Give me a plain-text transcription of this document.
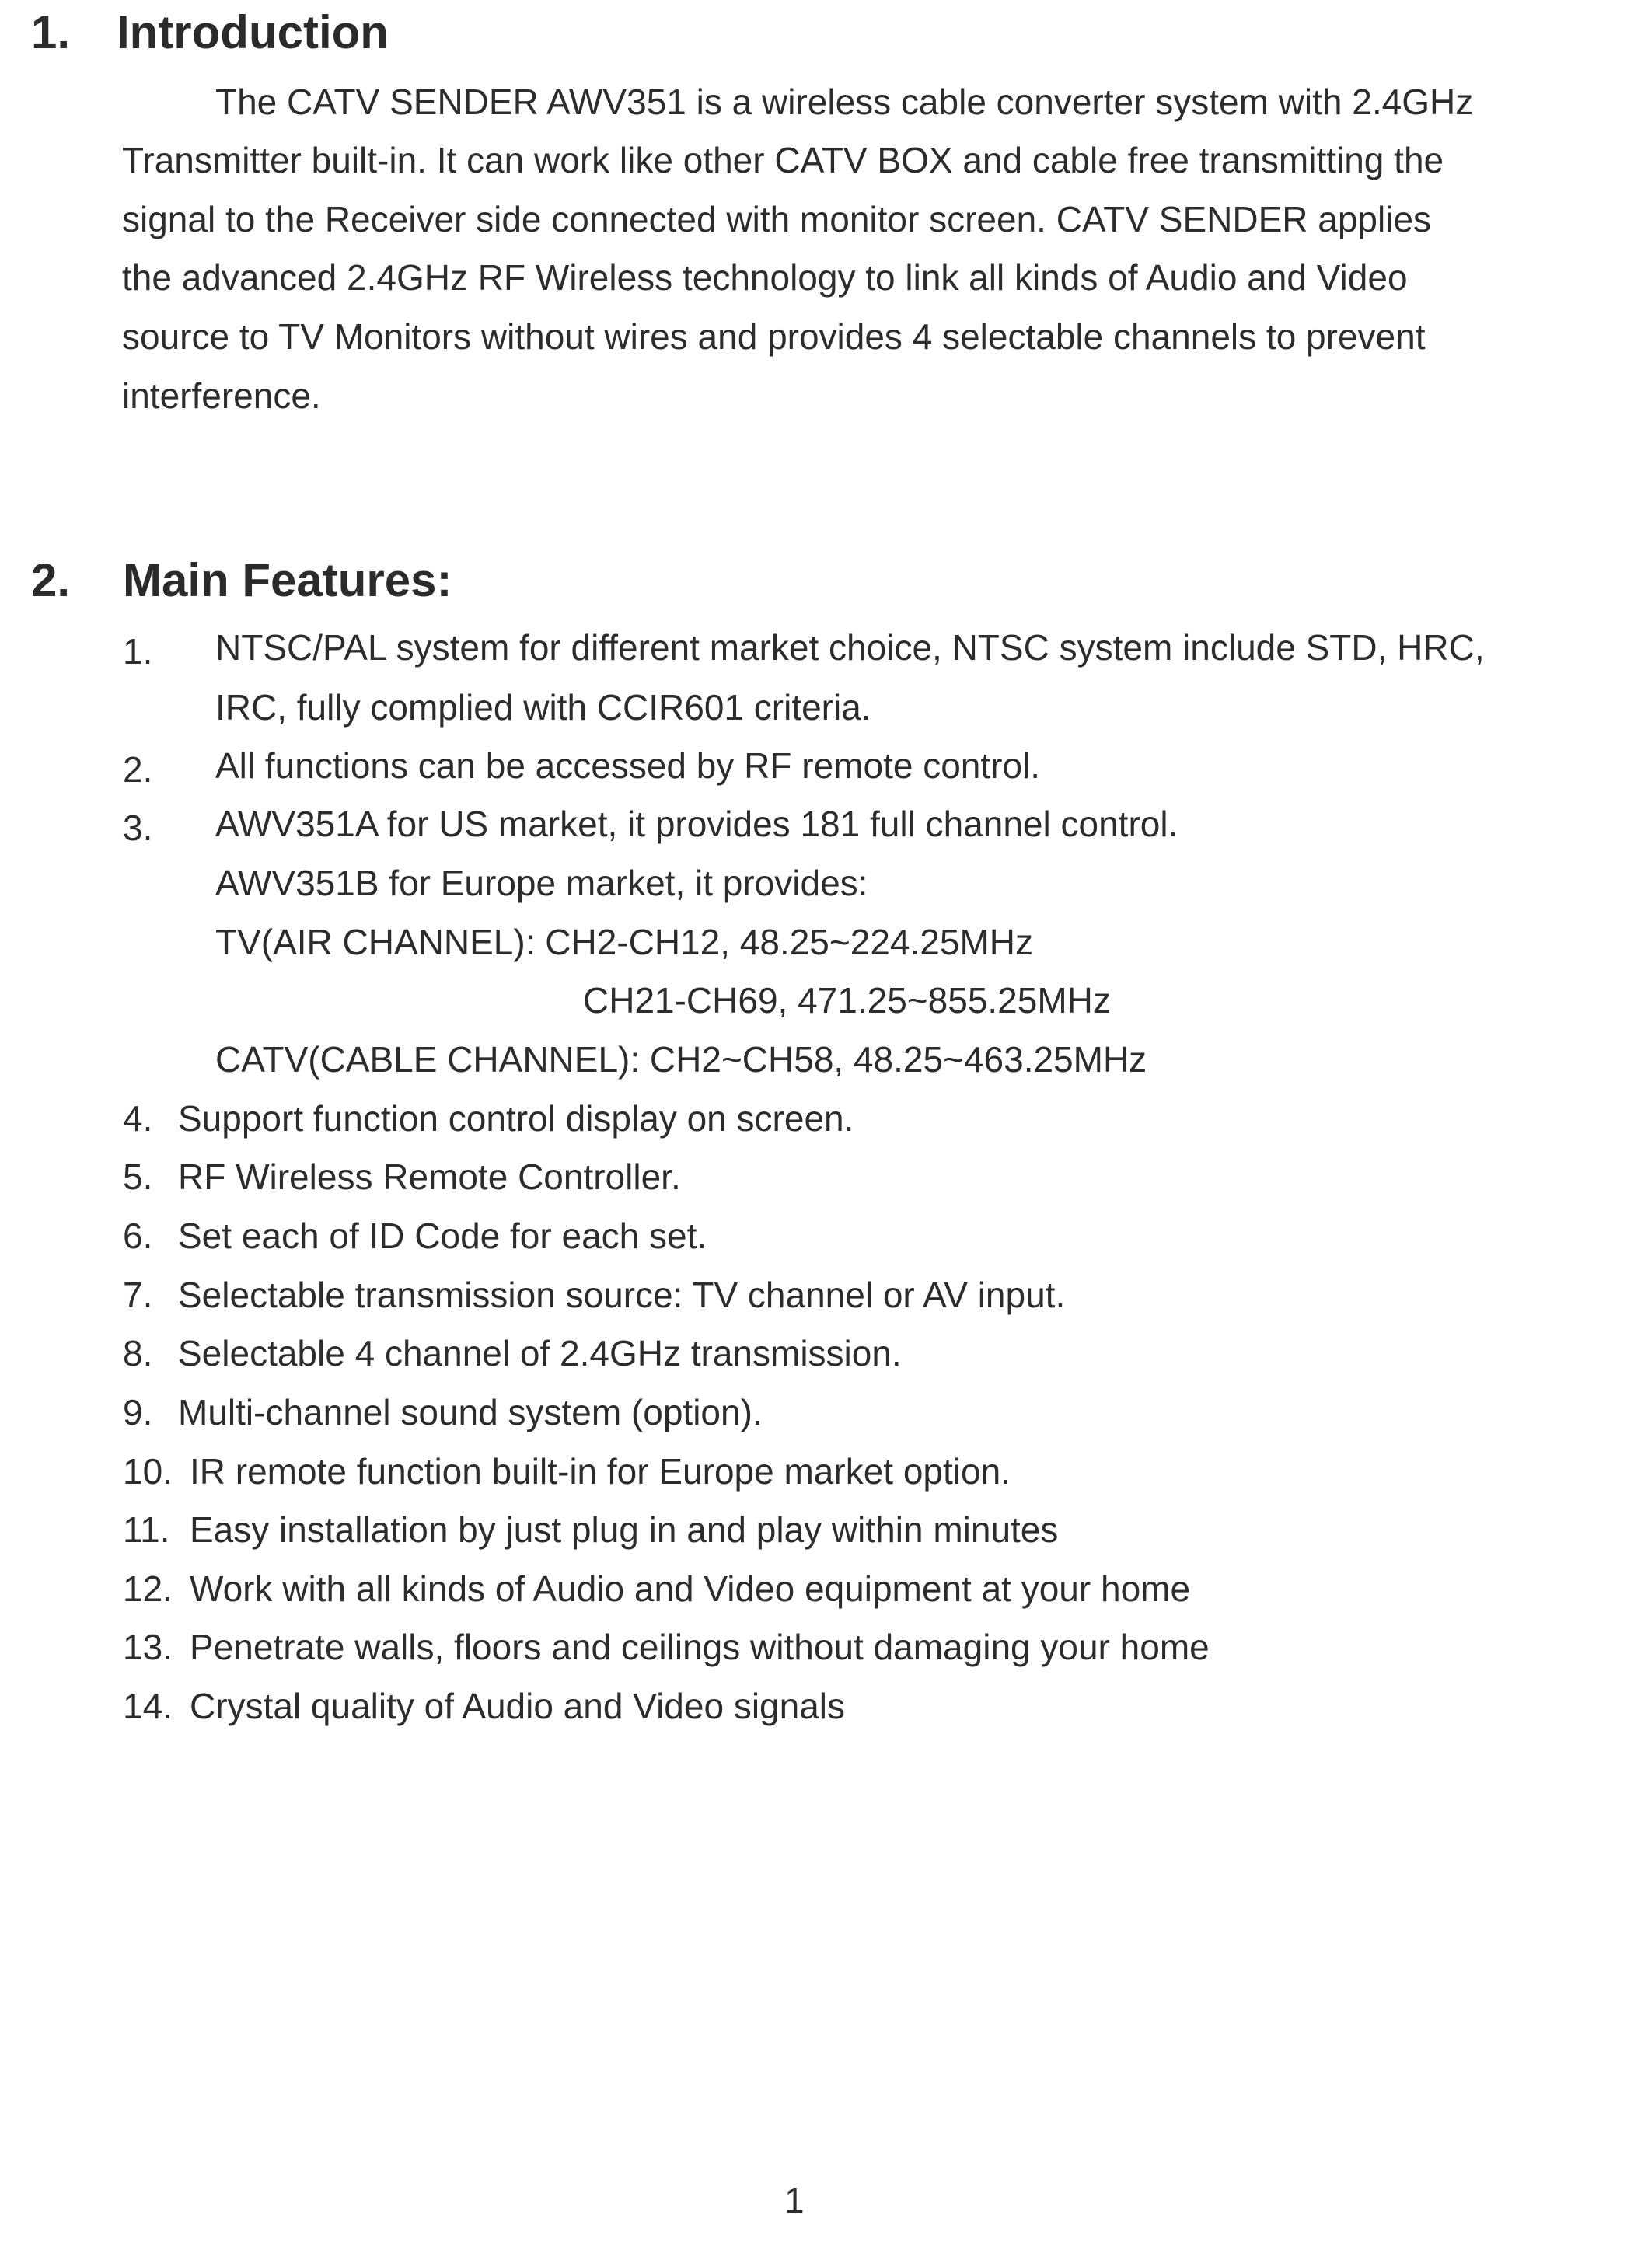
1. Introduction
The CATV SENDER AWV351 is a wireless cable converter system with 2.4GHz
Transmitter built-in. It can work like other CATV BOX and cable free transmitting the
signal to the Receiver side connected with monitor screen. CATV SENDER applies
the advanced 2.4GHz RF Wireless technology to link all kinds of Audio and Video
source to TV Monitors without wires and provides 4 selectable channels to prevent
interference.
2. Main Features:
1. NTSC/PAL system for different market choice, NTSC system include STD, HRC,
IRC, fully complied with CCIR601 criteria.
2. All functions can be accessed by RF remote control.
3. AWV351A for US market, it provides 181 full channel control.
AWV351B for Europe market, it provides:
TV(AIR CHANNEL): CH2-CH12, 48.25~224.25MHz
CH21-CH69, 471.25~855.25MHz
CATV(CABLE CHANNEL): CH2~CH58, 48.25~463.25MHz
4. Support function control display on screen.
5. RF Wireless Remote Controller.
6. Set each of ID Code for each set.
7. Selectable transmission source: TV channel or AV input.
8. Selectable 4 channel of 2.4GHz transmission.
9. Multi-channel sound system (option).
10. IR remote function built-in for Europe market option.
11. Easy installation by just plug in and play within minutes
12. Work with all kinds of Audio and Video equipment at your home
13. Penetrate walls, floors and ceilings without damaging your home
14. Crystal quality of Audio and Video signals
1
